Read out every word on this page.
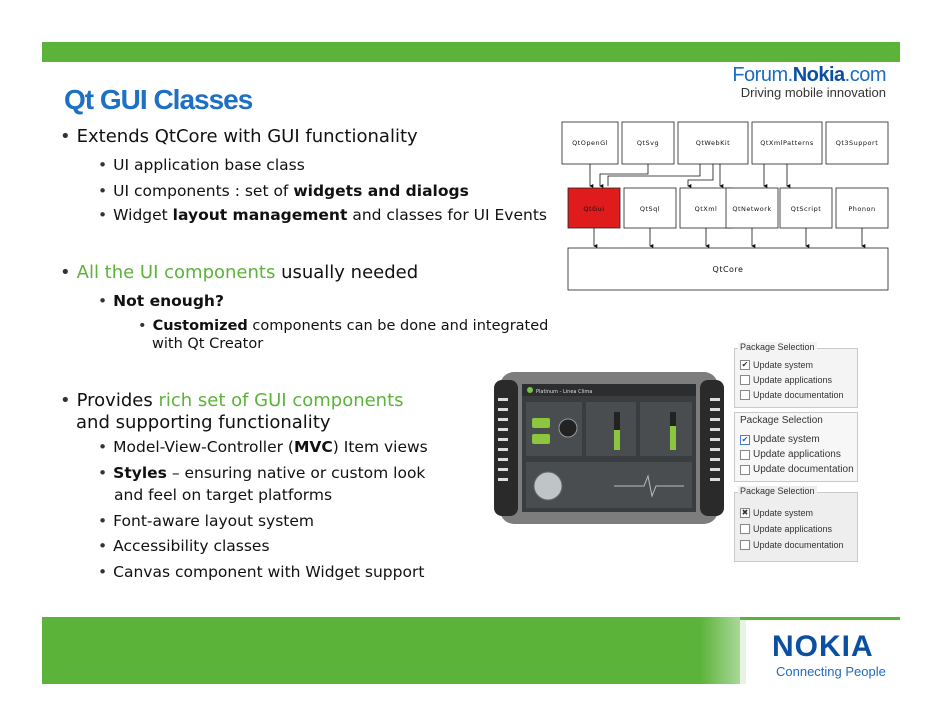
Forum.Nokia.com
Driving mobile innovation
Qt GUI Classes
• Extends QtCore with GUI functionality
• UI application base class
• UI components : set of widgets and dialogs
• Widget layout management and classes for UI Events
• All the UI components usually needed
• Not enough?
• Customized components can be done and integrated
with Qt Creator
• Provides rich set of GUI components
and supporting functionality
• Model-View-Controller (MVC) Item views
• Styles – ensuring native or custom look
and feel on target platforms
• Font-aware layout system
• Accessibility classes
• Canvas component with Widget support
QtOpenGl	QtSvg	QtWebKit	QtXmlPatterns	Qt3Support
QtGui	QtSql	QtXml QtNetwork	QtScript	Phonon
QtCore
Platinum - Linea Clima
Package Selection
✔ Update system
Update applications
Update documentation
Package Selection
✔ Update system
Update applications
Update documentation
Package Selection
✖ Update system
Update applications
Update documentation
NOKIA
Connecting People
